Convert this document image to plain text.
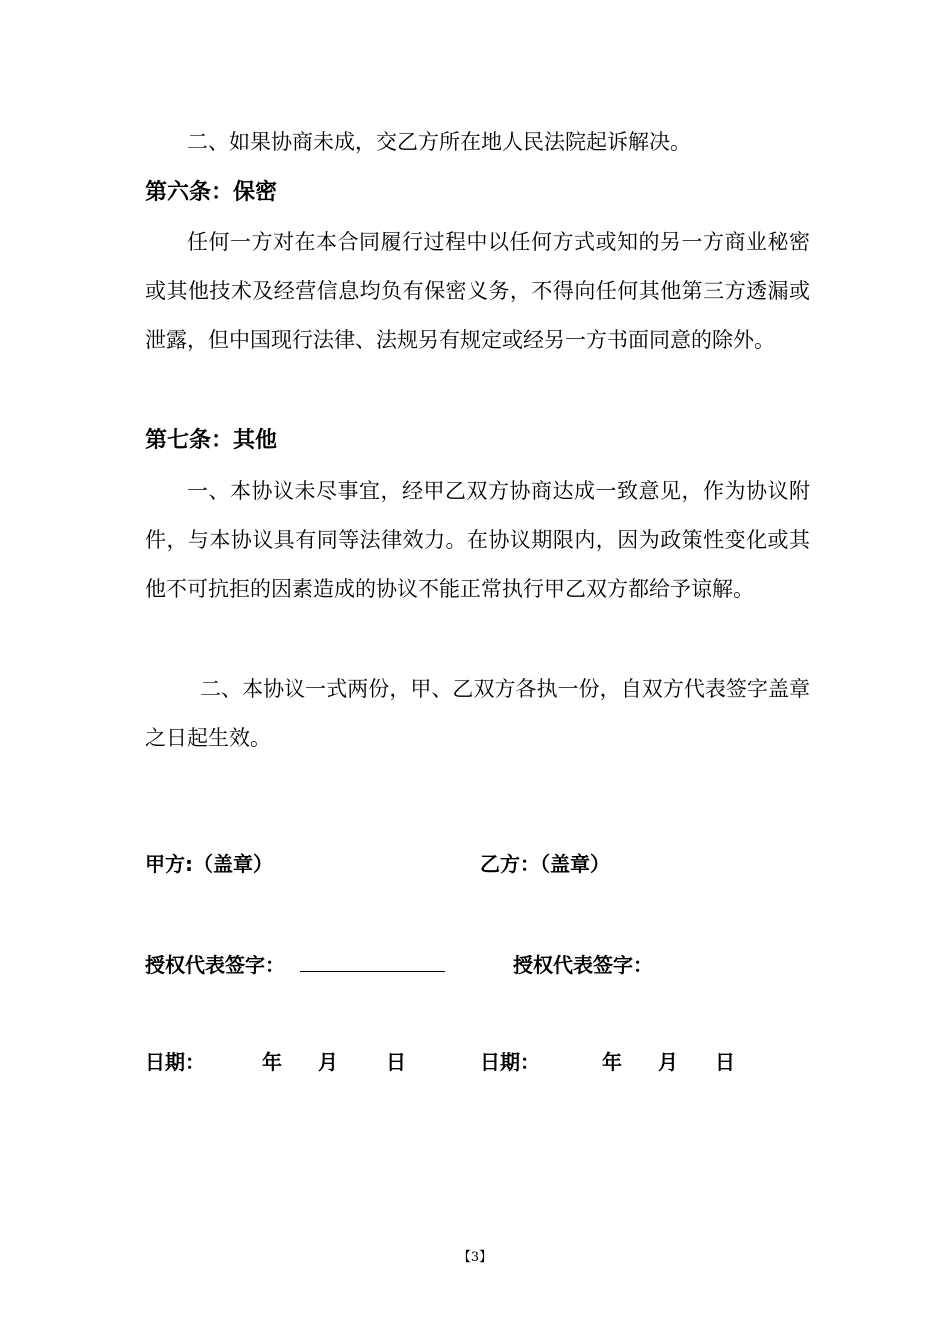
二、如果协商未成，交乙方所在地人民法院起诉解决。
第六条：保密
任何一方对在本合同履行过程中以任何方式或知的另一方商业秘密或其他技术及经营信息均负有保密义务，不得向任何其他第三方透漏或泄露，但中国现行法律、法规另有规定或经另一方书面同意的除外。
第七条：其他
一、本协议未尽事宜，经甲乙双方协商达成一致意见，作为协议附件，与本协议具有同等法律效力。在协议期限内，因为政策性变化或其他不可抗拒的因素造成的协议不能正常执行甲乙双方都给予谅解。
二、本协议一式两份，甲、乙双方各执一份，自双方代表签字盖章之日起生效。
甲方:（盖章）	乙方：（盖章）
授权代表签字：	授权代表签字：
日期：	年 月 日	日期：	年 月 日
【3】
